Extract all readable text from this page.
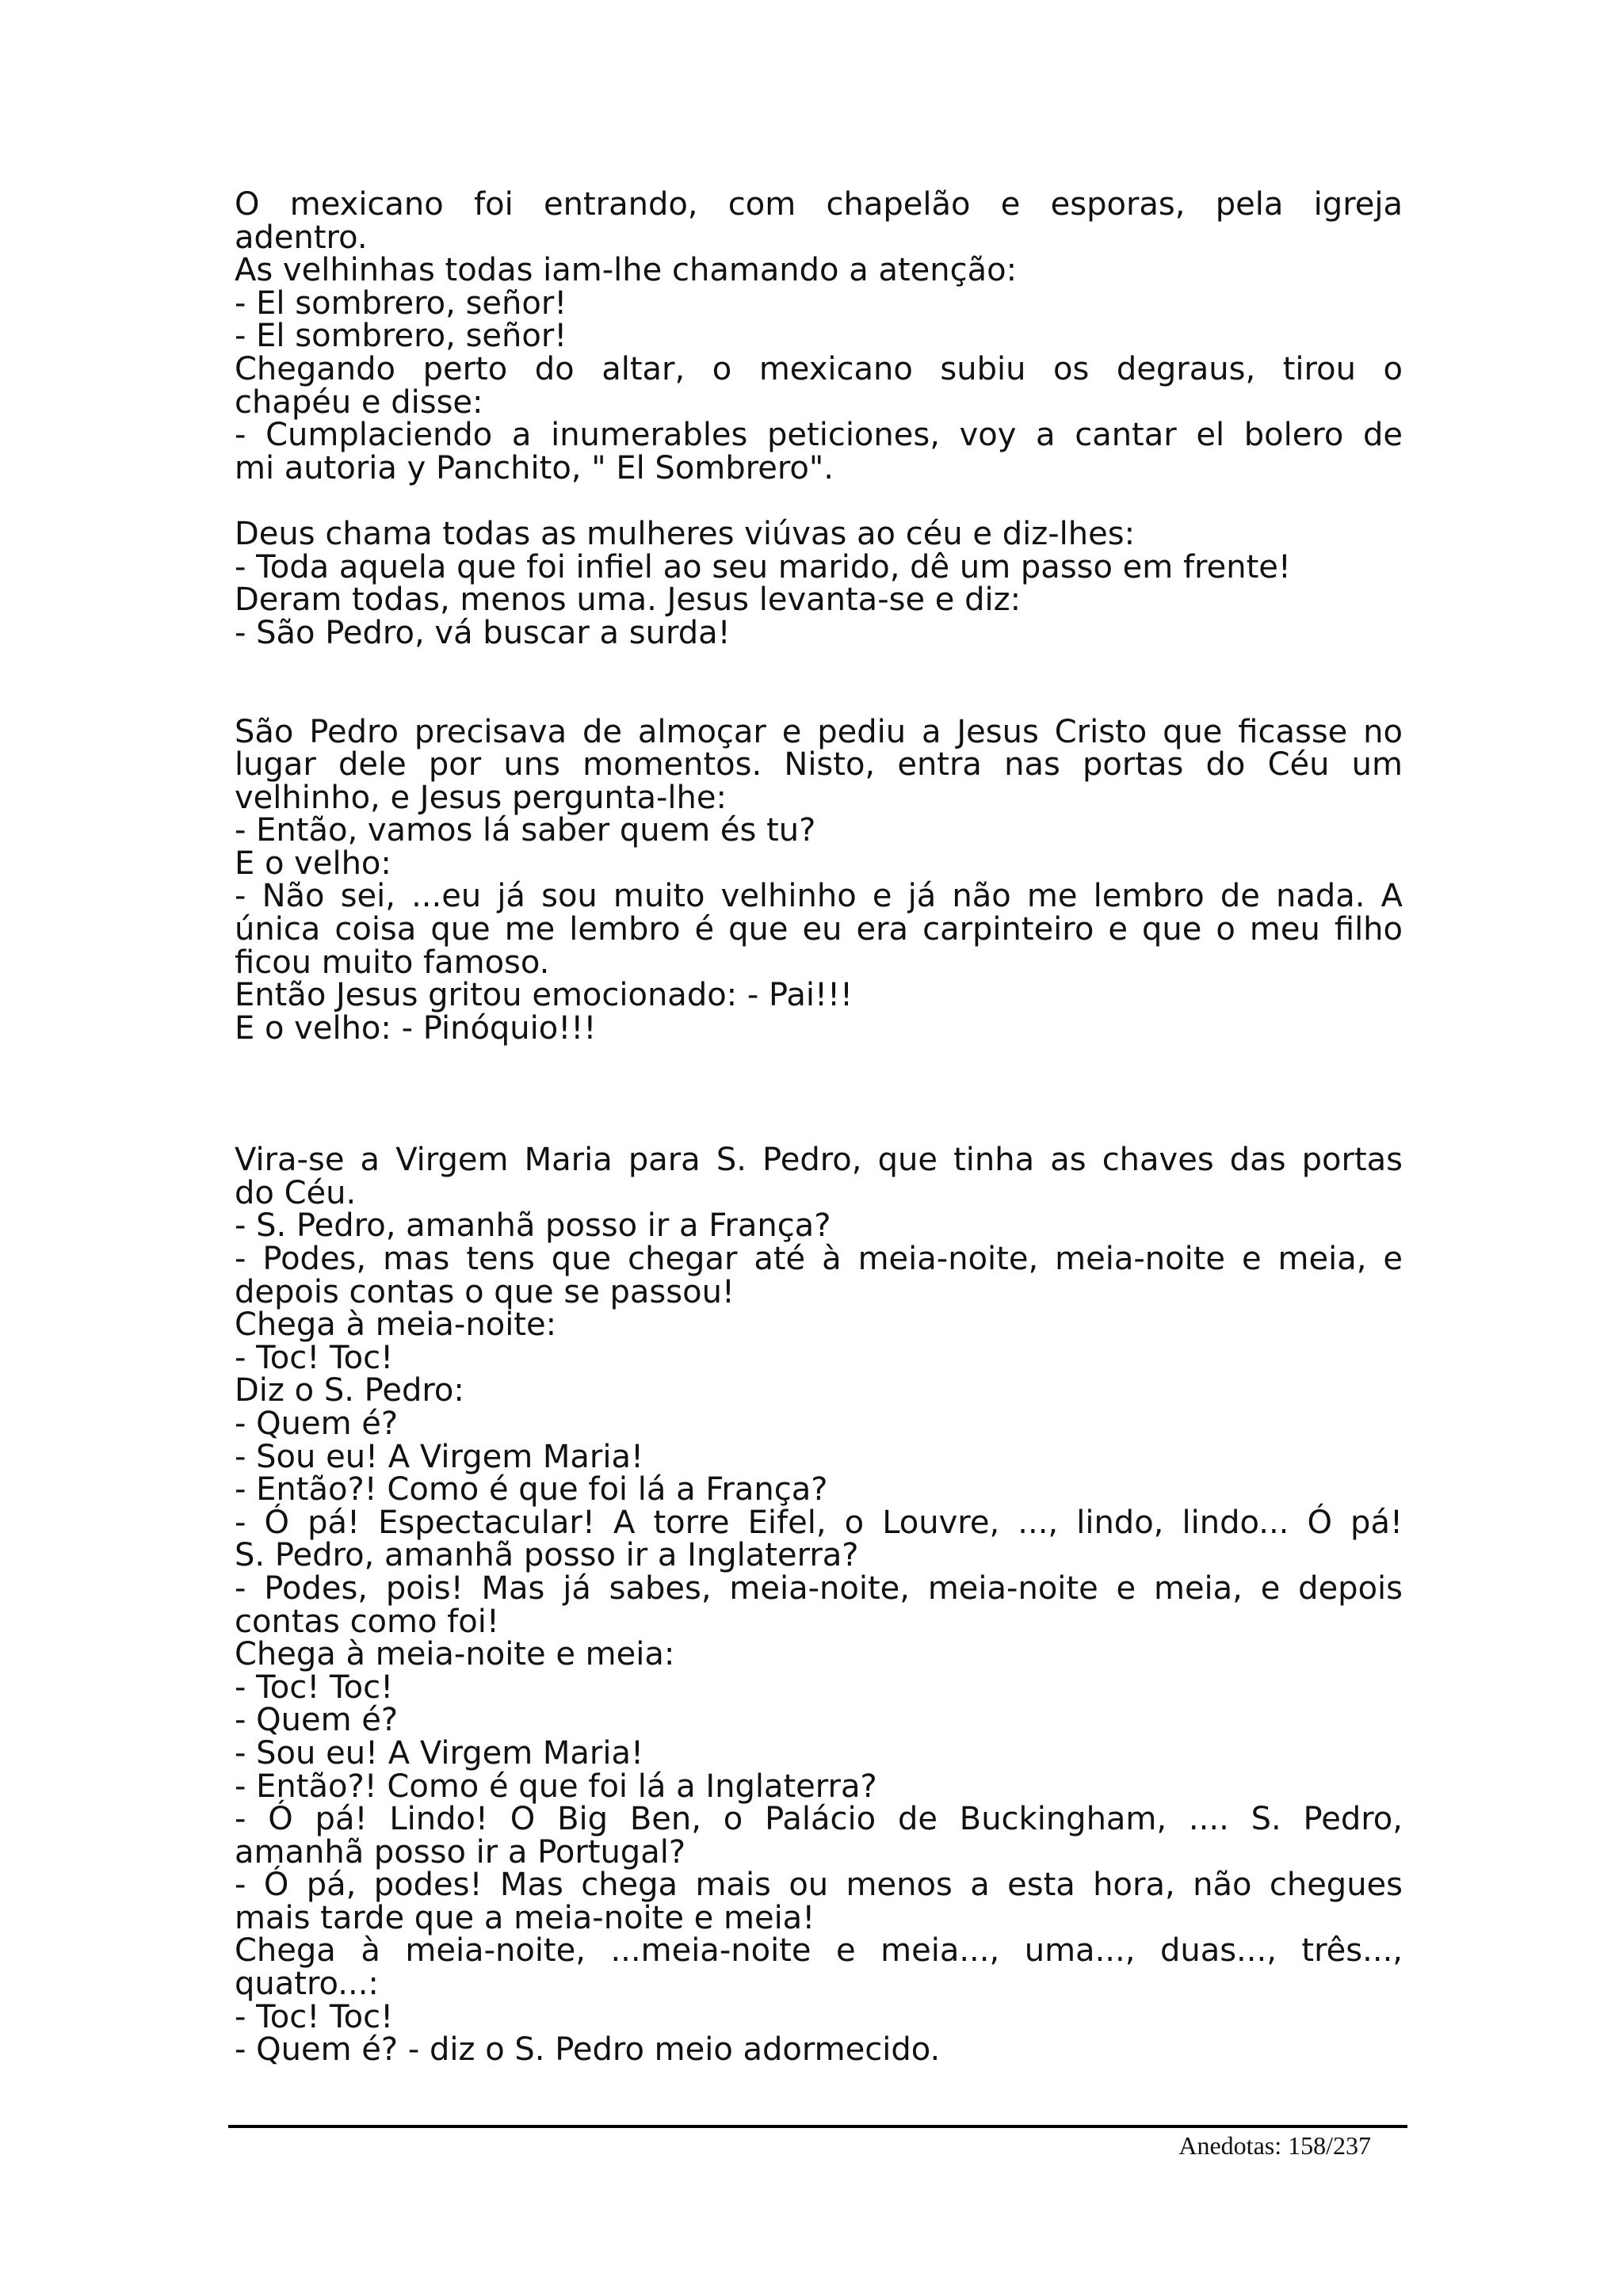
O mexicano foi entrando, com chapelão e esporas, pela igreja
adentro.
As velhinhas todas iam-lhe chamando a atenção:
- El sombrero, señor!
- El sombrero, señor!
Chegando perto do altar, o mexicano subiu os degraus, tirou o
chapéu e disse:
- Cumplaciendo a inumerables peticiones, voy a cantar el bolero de
mi autoria y Panchito, " El Sombrero".
Deus chama todas as mulheres viúvas ao céu e diz-lhes:
- Toda aquela que foi infiel ao seu marido, dê um passo em frente!
Deram todas, menos uma. Jesus levanta-se e diz:
- São Pedro, vá buscar a surda!
São Pedro precisava de almoçar e pediu a Jesus Cristo que ficasse no
lugar dele por uns momentos. Nisto, entra nas portas do Céu um
velhinho, e Jesus pergunta-lhe:
- Então, vamos lá saber quem és tu?
E o velho:
- Não sei, ...eu já sou muito velhinho e já não me lembro de nada. A
única coisa que me lembro é que eu era carpinteiro e que o meu filho
ficou muito famoso.
Então Jesus gritou emocionado: - Pai!!!
E o velho: - Pinóquio!!!
Vira-se a Virgem Maria para S. Pedro, que tinha as chaves das portas
do Céu.
- S. Pedro, amanhã posso ir a França?
- Podes, mas tens que chegar até à meia-noite, meia-noite e meia, e
depois contas o que se passou!
Chega à meia-noite:
- Toc! Toc!
Diz o S. Pedro:
- Quem é?
- Sou eu! A Virgem Maria!
- Então?! Como é que foi lá a França?
- Ó pá! Espectacular! A torre Eifel, o Louvre, ..., lindo, lindo... Ó pá!
S. Pedro, amanhã posso ir a Inglaterra?
- Podes, pois! Mas já sabes, meia-noite, meia-noite e meia, e depois
contas como foi!
Chega à meia-noite e meia:
- Toc! Toc!
- Quem é?
- Sou eu! A Virgem Maria!
- Então?! Como é que foi lá a Inglaterra?
- Ó pá! Lindo! O Big Ben, o Palácio de Buckingham, .... S. Pedro,
amanhã posso ir a Portugal?
- Ó pá, podes! Mas chega mais ou menos a esta hora, não chegues
mais tarde que a meia-noite e meia!
Chega à meia-noite, ...meia-noite e meia..., uma..., duas..., três...,
quatro...:
- Toc! Toc!
- Quem é? - diz o S. Pedro meio adormecido.
Anedotas: 158/237
